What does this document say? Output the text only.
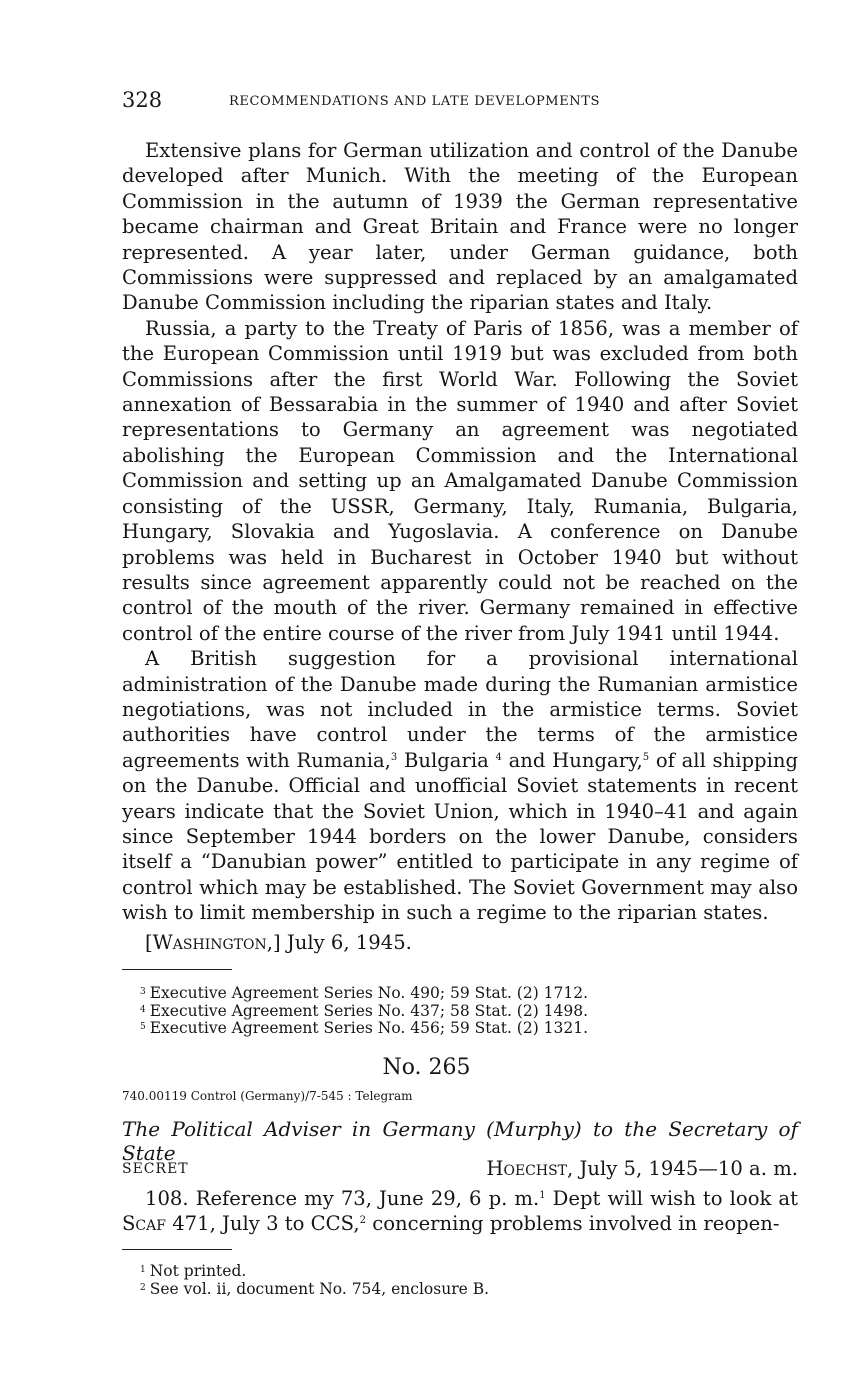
328	RECOMMENDATIONS AND LATE DEVELOPMENTS

Extensive plans for German utilization and control of the Danube developed after Munich. With the meeting of the European Commission in the autumn of 1939 the German representative became chairman and Great Britain and France were no longer represented. A year later, under German guidance, both Commissions were suppressed and replaced by an amalgamated Danube Commission including the riparian states and Italy.

Russia, a party to the Treaty of Paris of 1856, was a member of the European Commission until 1919 but was excluded from both Commissions after the first World War. Following the Soviet annexation of Bessarabia in the summer of 1940 and after Soviet representations to Germany an agreement was negotiated abolishing the European Commission and the International Commission and setting up an Amalgamated Danube Commission consisting of the USSR, Germany, Italy, Rumania, Bulgaria, Hungary, Slovakia and Yugoslavia. A conference on Danube problems was held in Bucharest in October 1940 but without results since agreement apparently could not be reached on the control of the mouth of the river. Germany remained in effective control of the entire course of the river from July 1941 until 1944.

A British suggestion for a provisional international administration of the Danube made during the Rumanian armistice negotiations, was not included in the armistice terms. Soviet authorities have control under the terms of the armistice agreements with Rumania,$^3$ Bulgaria $^4$ and Hungary,$^5$ of all shipping on the Danube. Official and unofficial Soviet statements in recent years indicate that the Soviet Union, which in 1940–41 and again since September 1944 borders on the lower Danube, considers itself a “Danubian power” entitled to participate in any regime of control which may be established. The Soviet Government may also wish to limit membership in such a regime to the riparian states.

[Washington,] July 6, 1945.

$^3$ Executive Agreement Series No. 490; 59 Stat. (2) 1712.
$^4$ Executive Agreement Series No. 437; 58 Stat. (2) 1498.
$^5$ Executive Agreement Series No. 456; 59 Stat. (2) 1321.
No. 265
740.00119 Control (Germany)/7-545 : Telegram
The Political Adviser in Germany (Murphy) to the Secretary of State
SECRET	Hoechst, July 5, 1945—10 a. m.

108. Reference my 73, June 29, 6 p. m.$^1$ Dept will wish to look at Scaf 471, July 3 to CCS,$^2$ concerning problems involved in reopen-

$^1$ Not printed.
$^2$ See vol. ii, document No. 754, enclosure B.
